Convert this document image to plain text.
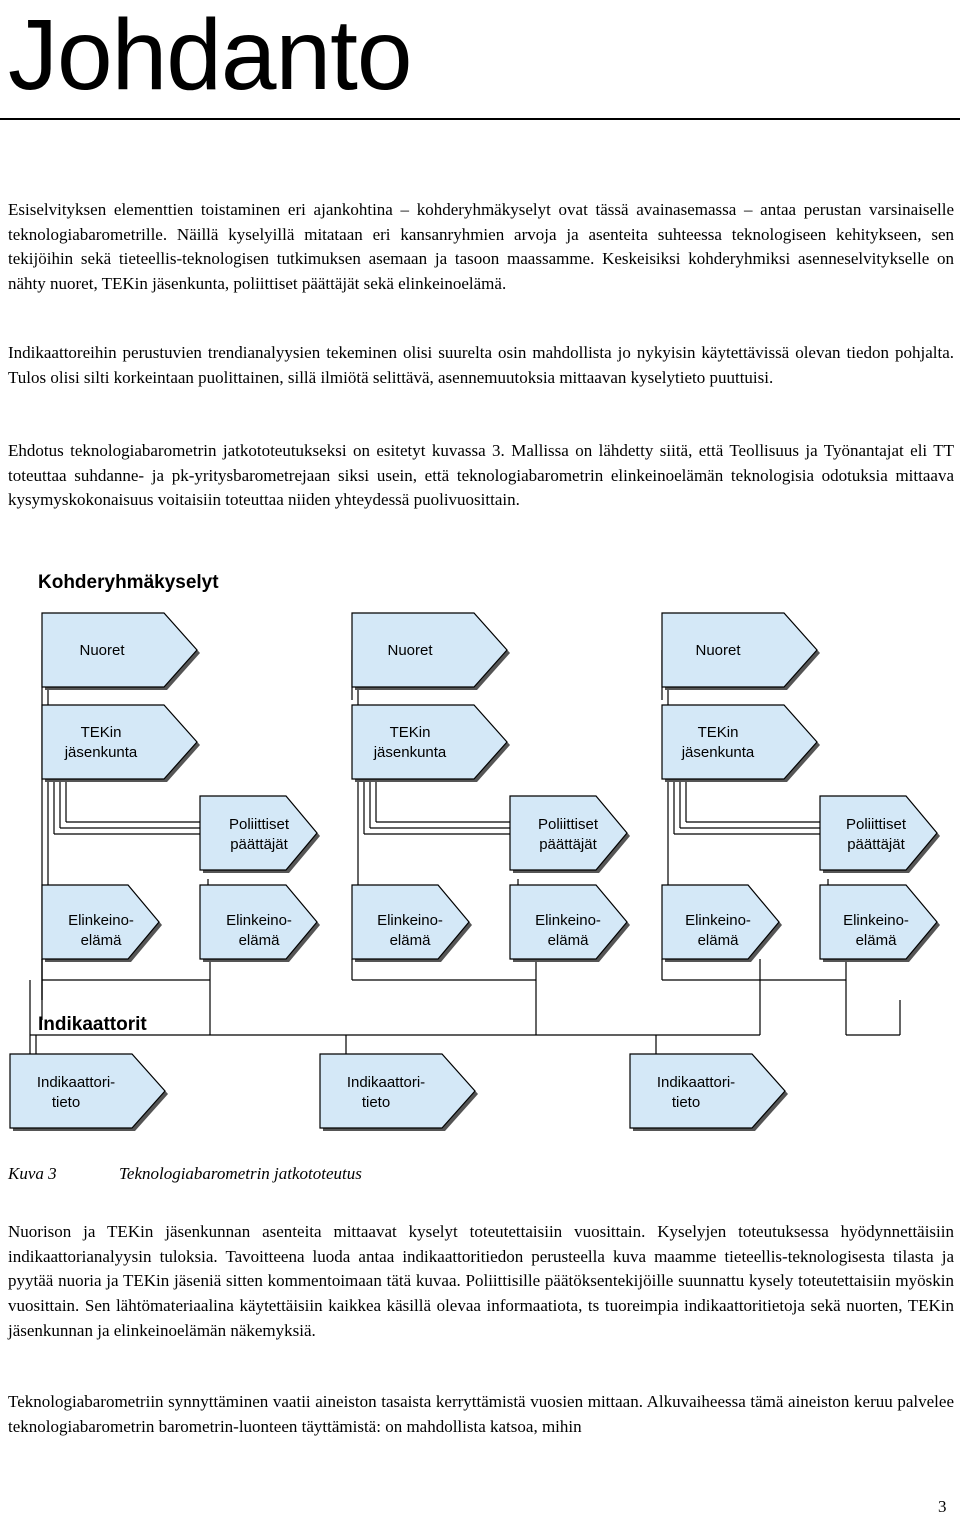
Johdanto

Esiselvityksen elementtien toistaminen eri ajankohtina – kohderyhmäkyselyt ovat tässä avainasemassa – antaa perustan varsinaiselle teknologiabarometrille. Näillä kyselyillä mitataan eri kansanryhmien arvoja ja asenteita suhteessa teknologiseen kehitykseen, sen tekijöihin sekä tieteellis-teknologisen tutkimuksen asemaan ja tasoon maassamme. Keskeisiksi kohderyhmiksi asenneselvitykselle on nähty nuoret, TEKin jäsenkunta, poliittiset päättäjät sekä elinkeinoelämä.

Indikaattoreihin perustuvien trendianalyysien tekeminen olisi suurelta osin mahdollista jo nykyisin käytettävissä olevan tiedon pohjalta. Tulos olisi silti korkeintaan puolittainen, sillä ilmiötä selittävä, asennemuutoksia mittaavan kyselytieto puuttuisi.

Ehdotus teknologiabarometrin jatkototeutukseksi on esitetyt kuvassa 3. Mallissa on lähdetty siitä, että Teollisuus ja Työnantajat eli TT toteuttaa suhdanne- ja pk-yritysbarometrejaan siksi usein, että teknologiabarometrin elinkeinoelämän teknologisia odotuksia mittaava kysymyskokonaisuus voitaisiin toteuttaa niiden yhteydessä puolivuosittain.

Kohderyhmäkyselyt
Nuoret	Nuoret	Nuoret
TEKin
jäsenkunta
TEKin
jäsenkunta
TEKin
jäsenkunta
Poliittiset
päättäjät
Poliittiset
päättäjät
Poliittiset
päättäjät
Elinkeino-
elämä
Elinkeino-
elämä
Elinkeino-
elämä
Elinkeino-
elämä
Elinkeino-
elämä
Elinkeino-
elämä
Indikaattorit
Indikaattori-
tieto
Indikaattori-
tieto
Indikaattori-
tieto
Kuva 3	Teknologiabarometrin jatkototeutus

Nuorison ja TEKin jäsenkunnan asenteita mittaavat kyselyt toteutettaisiin vuosittain. Kyselyjen toteutuksessa hyödynnettäisiin indikaattorianalyysin tuloksia. Tavoitteena luoda antaa indikaattoritiedon perusteella kuva maamme tieteellis-teknologisesta tilasta ja pyytää nuoria ja TEKin jäseniä sitten kommentoimaan tätä kuvaa. Poliittisille päätöksentekijöille suunnattu kysely toteutettaisiin myöskin vuosittain. Sen lähtömateriaalina käytettäisiin kaikkea käsillä olevaa informaatiota, ts tuoreimpia indikaattoritietoja sekä nuorten, TEKin jäsenkunnan ja elinkeinoelämän näkemyksiä.

Teknologiabarometriin synnyttäminen vaatii aineiston tasaista kerryttämistä vuosien mittaan. Alkuvaiheessa tämä aineiston keruu palvelee teknologiabarometrin barometrin-luonteen täyttämistä: on mahdollista katsoa, mihin

3
